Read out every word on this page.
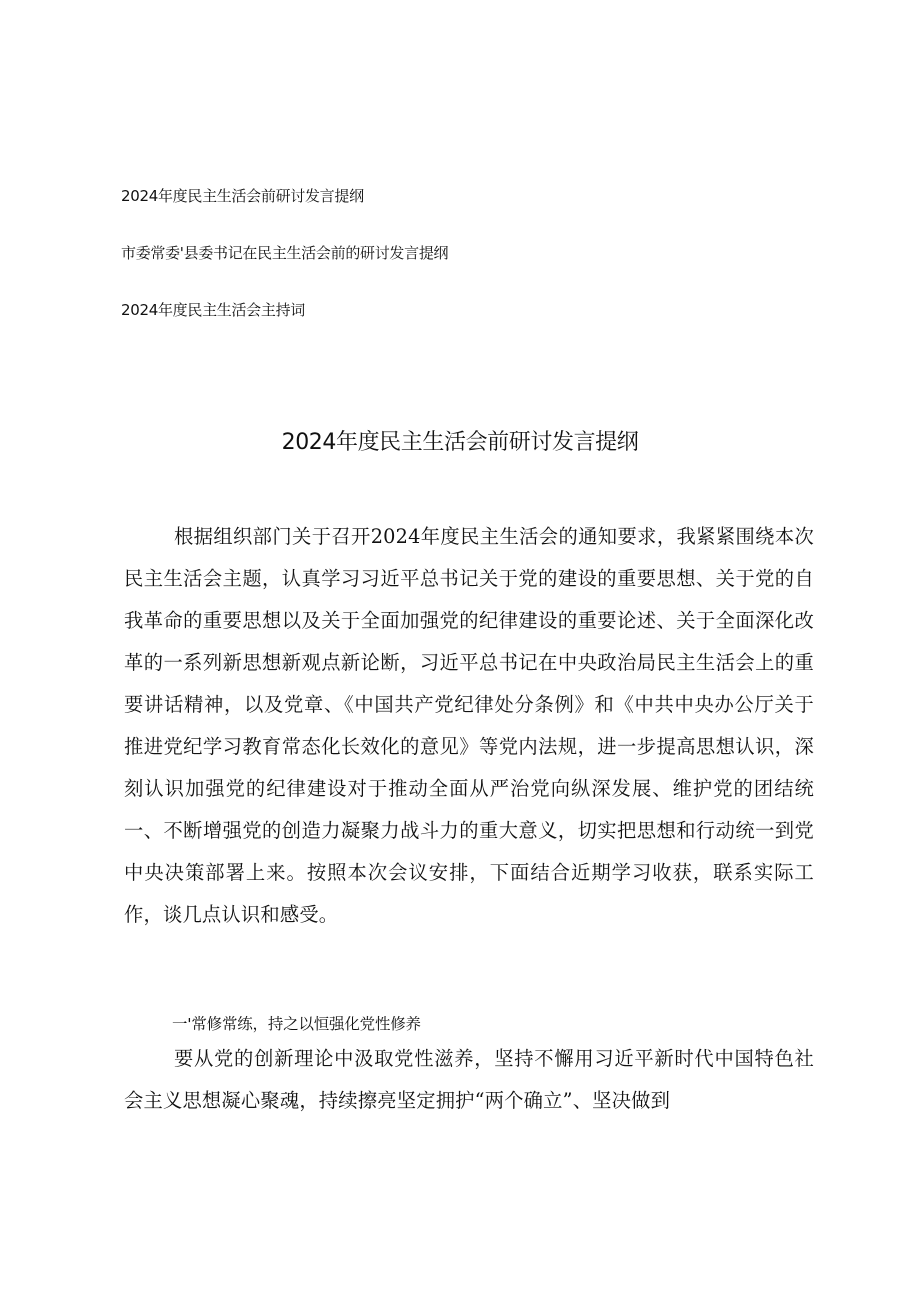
2024年度民主生活会前研讨发言提纲
市委常委'县委书记在民主生活会前的研讨发言提纲
2024年度民主生活会主持词
2024年度民主生活会前研讨发言提纲

根据组织部门关于召开2024年度民主生活会的通知要求，我紧紧围绕本次民主生活会主题，认真学习习近平总书记关于党的建设的重要思想、关于党的自我革命的重要思想以及关于全面加强党的纪律建设的重要论述、关于全面深化改革的一系列新思想新观点新论断，习近平总书记在中央政治局民主生活会上的重要讲话精神，以及党章、《中国共产党纪律处分条例》和《中共中央办公厅关于推进党纪学习教育常态化长效化的意见》等党内法规，进一步提高思想认识，深刻认识加强党的纪律建设对于推动全面从严治党向纵深发展、维护党的团结统一、不断增强党的创造力凝聚力战斗力的重大意义，切实把思想和行动统一到党中央决策部署上来。按照本次会议安排，下面结合近期学习收获，联系实际工作，谈几点认识和感受。

一'常修常练，持之以恒强化党性修养

要从党的创新理论中汲取党性滋养，坚持不懈用习近平新时代中国特色社会主义思想凝心聚魂，持续擦亮坚定拥护“两个确立”、坚决做到
